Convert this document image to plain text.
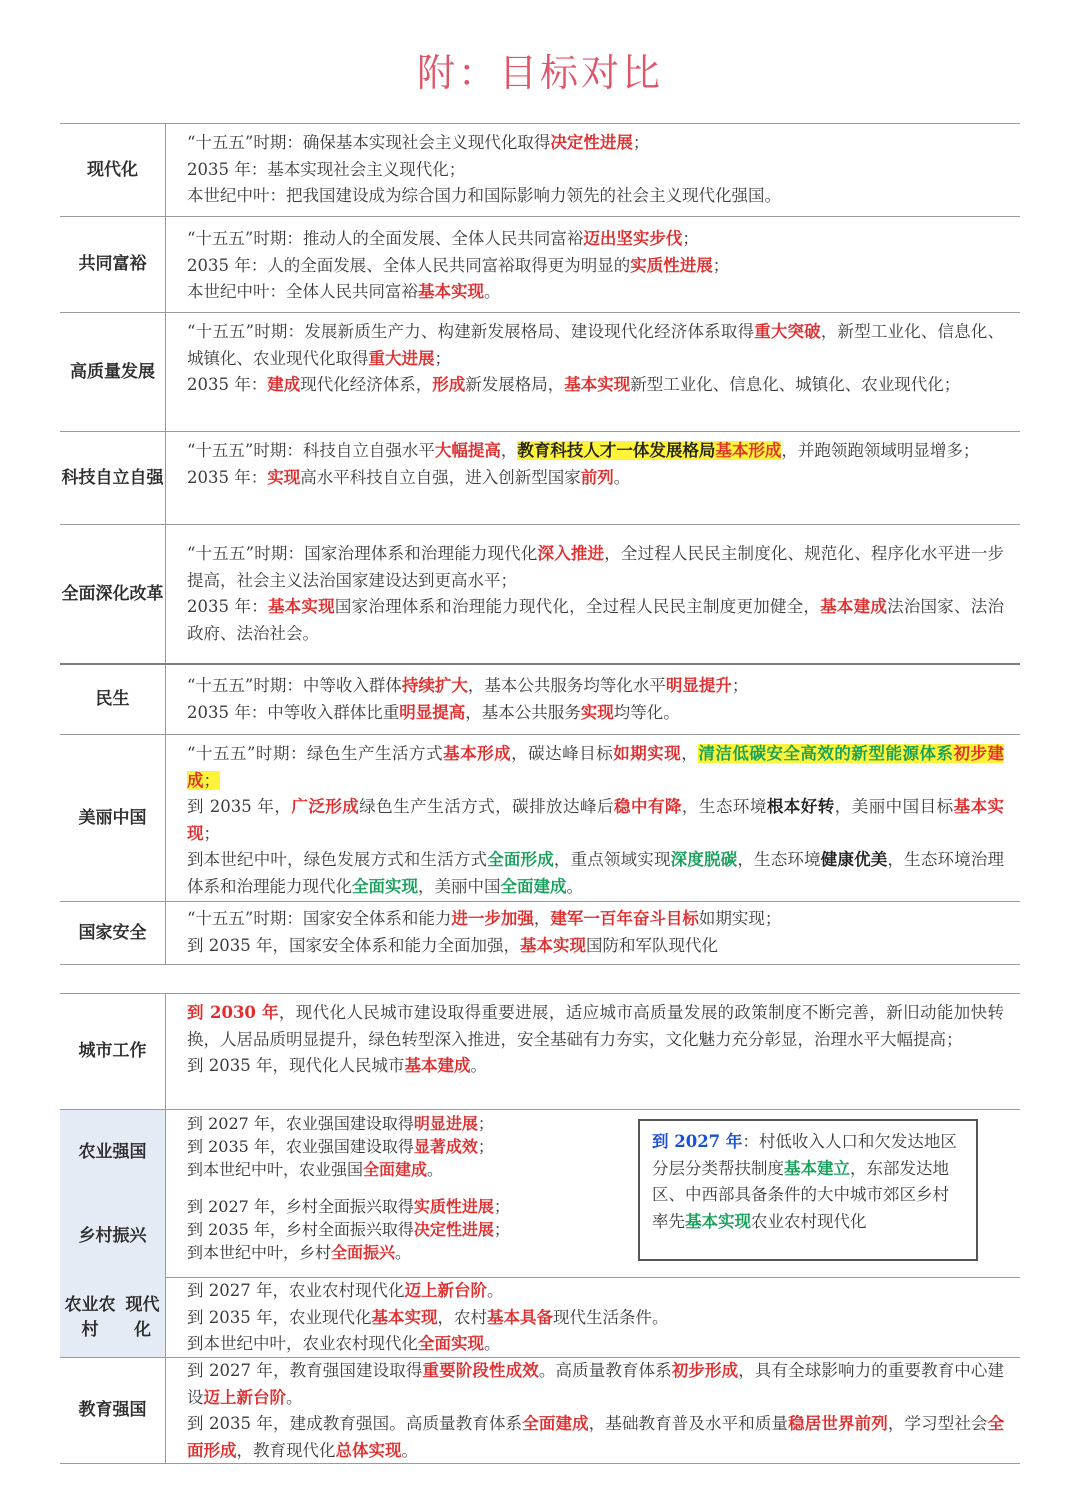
附：目标对比
现代化
“十五五”时期：确保基本实现社会主义现代化取得决定性进展；
2035 年：基本实现社会主义现代化；
本世纪中叶：把我国建设成为综合国力和国际影响力领先的社会主义现代化强国。
共同富裕
“十五五”时期：推动人的全面发展、全体人民共同富裕迈出坚实步伐；
2035 年：人的全面发展、全体人民共同富裕取得更为明显的实质性进展；
本世纪中叶：全体人民共同富裕基本实现。
高质量发展
“十五五”时期：发展新质生产力、构建新发展格局、建设现代化经济体系取得重大突破，新型工业化、信息化、城镇化、农业现代化取得重大进展；
2035 年：建成现代化经济体系，形成新发展格局，基本实现新型工业化、信息化、城镇化、农业现代化；
科技 自立自强
“十五五”时期：科技自立自强水平大幅提高，教育科技人才一体发展格局基本形成，并跑领跑领域明显增多；
2035 年：实现高水平科技自立自强，进入创新型国家前列。
全面深化 改革
“十五五”时期：国家治理体系和治理能力现代化深入推进，全过程人民民主制度化、规范化、程序化水平进一步提高，社会主义法治国家建设达到更高水平；
2035 年：基本实现国家治理体系和治理能力现代化，全过程人民民主制度更加健全，基本建成法治国家、法治政府、法治社会。
民生
“十五五”时期：中等收入群体持续扩大，基本公共服务均等化水平明显提升；
2035 年：中等收入群体比重明显提高，基本公共服务实现均等化。
美丽中国
“十五五”时期：绿色生产生活方式基本形成，碳达峰目标如期实现，清洁低碳安全高效的新型能源体系初步建成；
到 2035 年，广泛形成绿色生产生活方式，碳排放达峰后稳中有降，生态环境根本好转，美丽中国目标基本实现；
到本世纪中叶，绿色发展方式和生活方式全面形成，重点领域实现深度脱碳，生态环境健康优美，生态环境治理体系和治理能力现代化全面实现，美丽中国全面建成。
国家安全
“十五五”时期：国家安全体系和能力进一步加强，建军一百年奋斗目标如期实现；
到 2035 年，国家安全体系和能力全面加强，基本实现国防和军队现代化
城市工作
到 2030 年，现代化人民城市建设取得重要进展，适应城市高质量发展的政策制度不断完善，新旧动能加快转换，人居品质明显提升，绿色转型深入推进，安全基础有力夯实，文化魅力充分彰显，治理水平大幅提高；
到 2035 年，现代化人民城市基本建成。
农业强国
乡村振兴
到 2027 年，农业强国建设取得明显进展；
到 2035 年，农业强国建设取得显著成效；
到本世纪中叶，农业强国全面建成。
到 2027 年，乡村全面振兴取得实质性进展；
到 2035 年，乡村全面振兴取得决定性进展；
到本世纪中叶，乡村全面振兴。
农业农村

现代化
到 2027 年，农业农村现代化迈上新台阶。
到 2035 年，农业现代化基本实现，农村基本具备现代生活条件。
到本世纪中叶，农业农村现代化全面实现。
教育强国
到 2027 年，教育强国建设取得重要阶段性成效。高质量教育体系初步形成，具有全球影响力的重要教育中心建设迈上新台阶。
到 2035 年，建成教育强国。高质量教育体系全面建成，基础教育普及水平和质量稳居世界前列，学习型社会全面形成，教育现代化总体实现。
到 2027 年：村低收入人口和欠发达地区分层分类帮扶制度基本建立，东部发达地区、中西部具备条件的大中城市郊区乡村率先基本实现农业农村现代化
